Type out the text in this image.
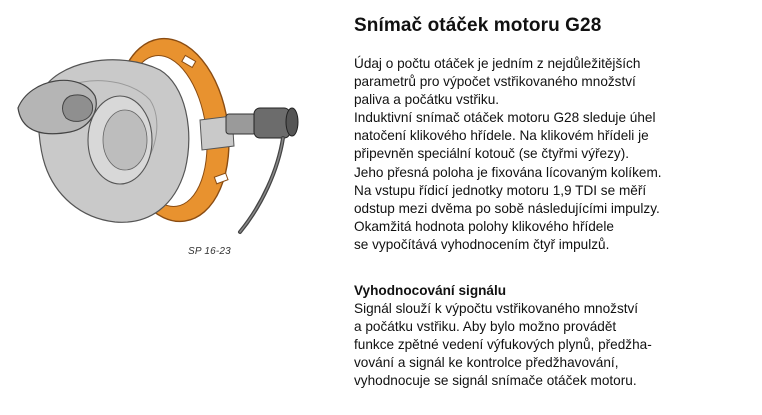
SP 16-23
Snímač otáček motoru G28
Údaj o počtu otáček je jedním z nejdůležitějších
parametrů pro výpočet vstřikovaného množství
paliva a počátku vstřiku.
Induktivní snímač otáček motoru G28 sleduje úhel
natočení klikového hřídele. Na klikovém hřídeli je
připevněn speciální kotouč (se čtyřmi výřezy).
Jeho přesná poloha je fixována lícovaným kolíkem.
Na vstupu řídicí jednotky motoru 1,9 TDI se měří
odstup mezi dvěma po sobě následujícími impulzy.
Okamžitá hodnota polohy klikového hřídele
se vypočítává vyhodnocením čtyř impulzů.
Vyhodnocování signálu
Signál slouží k výpočtu vstřikovaného množství
a počátku vstřiku. Aby bylo možno provádět
funkce zpětné vedení výfukových plynů, předžha-
vování a signál ke kontrolce předžhavování,
vyhodnocuje se signál snímače otáček motoru.
